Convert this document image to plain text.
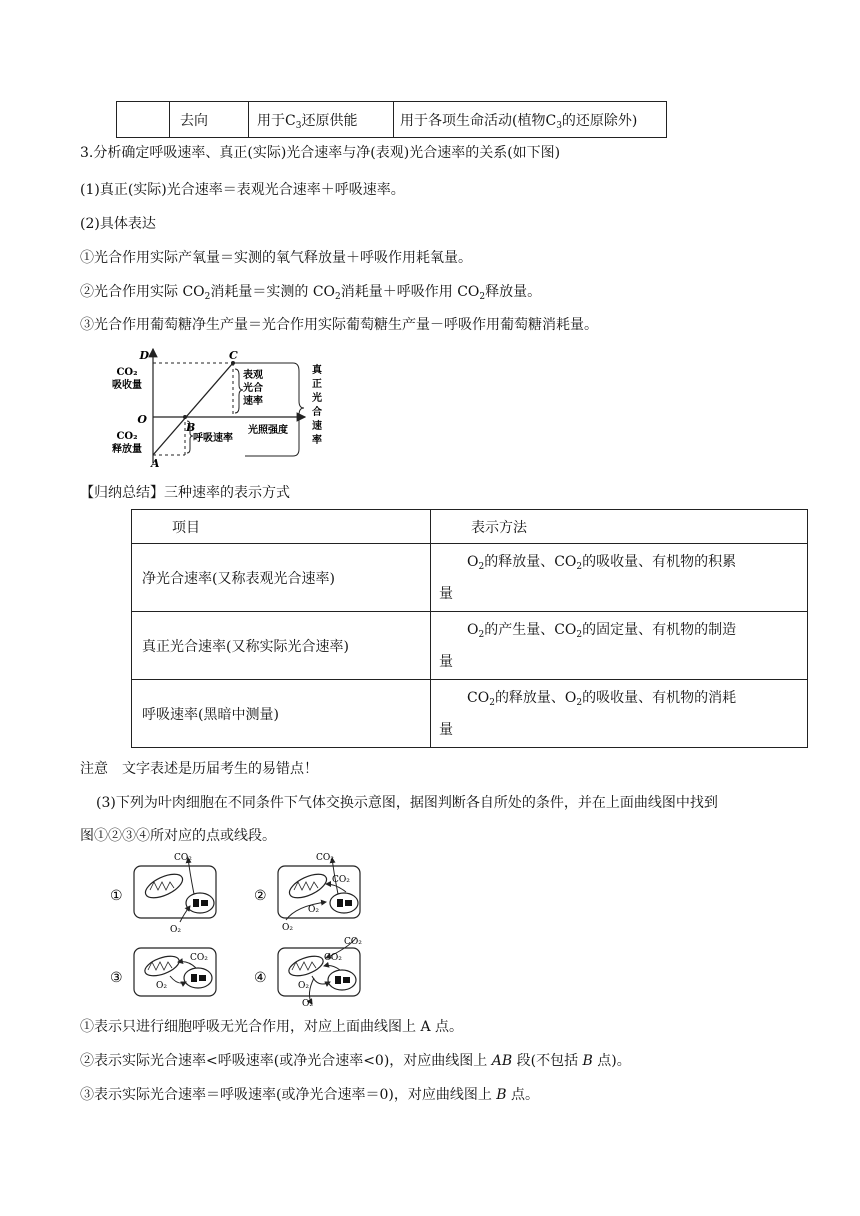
	去向	用于$C_3$还原供能	用于各项生命活动(植物$C_3$的还原除外)
3.分析确定呼吸速率、真正(实际)光合速率与净(表观)光合速率的关系(如下图)
(1)真正(实际)光合速率＝表观光合速率＋呼吸速率。
(2)具体表达
①光合作用实际产氧量＝实测的氧气释放量＋呼吸作用耗氧量。
②光合作用实际 $CO_2$消耗量＝实测的 $CO_2$消耗量＋呼吸作用 $CO_2$释放量。
③光合作用葡萄糖净生产量＝光合作用实际葡萄糖生产量－呼吸作用葡萄糖消耗量。
D	C
O
B
A
CO₂
吸收量
CO₂
释放量
表观
光合
速率
呼吸速率
光照强度
真
正
光
合
速
率
【归纳总结】三种速率的表示方式
项目	表示方法
净光合速率(又称表观光合速率)	$O_2$的释放量、$CO_2$的吸收量、有机物的积累
量

真正光合速率(又称实际光合速率)	$O_2$的产生量、$CO_2$的固定量、有机物的制造
量

呼吸速率(黑暗中测量)	$CO_2$的释放量、$O_2$的吸收量、有机物的消耗
量
注意　文字表述是历届考生的易错点！
(3)下列为叶肉细胞在不同条件下气体交换示意图，据图判断各自所处的条件，并在上面曲线图中找到
图①②③④所对应的点或线段。
①
CO₂
O₂
②
CO₂
CO₂
O₂
O₂
③
CO₂
O₂	④
CO₂
CO₂
O₂
O₂
①表示只进行细胞呼吸无光合作用，对应上面曲线图上 A 点。
②表示实际光合速率<呼吸速率(或净光合速率<0)，对应曲线图上 AB 段(不包括 B 点)。
③表示实际光合速率＝呼吸速率(或净光合速率＝0)，对应曲线图上 B 点。
